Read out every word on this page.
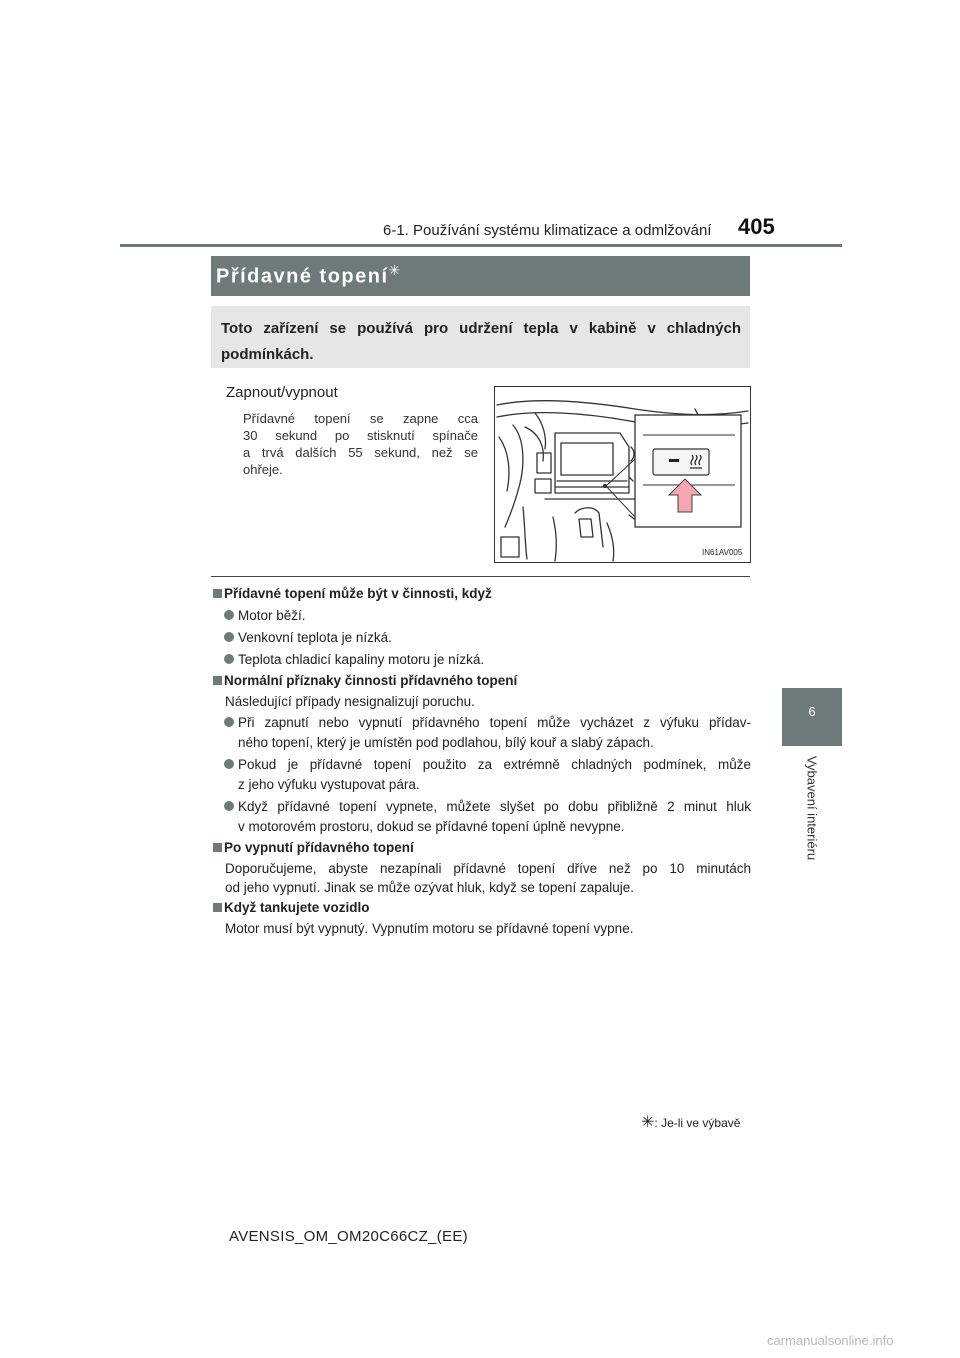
6-1. Používání systému klimatizace a odmlžování 405
6
Vybavení interiéru
Přídavné topení✳
Toto zařízení se používá pro udržení tepla v kabině v chladných
podmínkách.
Zapnout/vypnout
Přídavné topení se zapne cca
30 sekund po stisknutí spínače
a trvá dalších 55 sekund, než se
ohřeje.
IN61AV005
Přídavné topení může být v činnosti, když
Motor běží.
Venkovní teplota je nízká.
Teplota chladicí kapaliny motoru je nízká.
Normální příznaky činnosti přídavného topení
Následující případy nesignalizují poruchu.
Při zapnutí nebo vypnutí přídavného topení může vycházet z výfuku přídav-
ného topení, který je umístěn pod podlahou, bílý kouř a slabý zápach.
Pokud je přídavné topení použito za extrémně chladných podmínek, může
z jeho výfuku vystupovat pára.
Když přídavné topení vypnete, můžete slyšet po dobu přibližně 2 minut hluk
v motorovém prostoru, dokud se přídavné topení úplně nevypne.
Po vypnutí přídavného topení
Doporučujeme, abyste nezapínali přídavné topení dříve než po 10 minutách
od jeho vypnutí. Jinak se může ozývat hluk, když se topení zapaluje.
Když tankujete vozidlo
Motor musí být vypnutý. Vypnutím motoru se přídavné topení vypne.
✳: Je-li ve výbavě
AVENSIS_OM_OM20C66CZ_(EE)
carmanualsonline.info
